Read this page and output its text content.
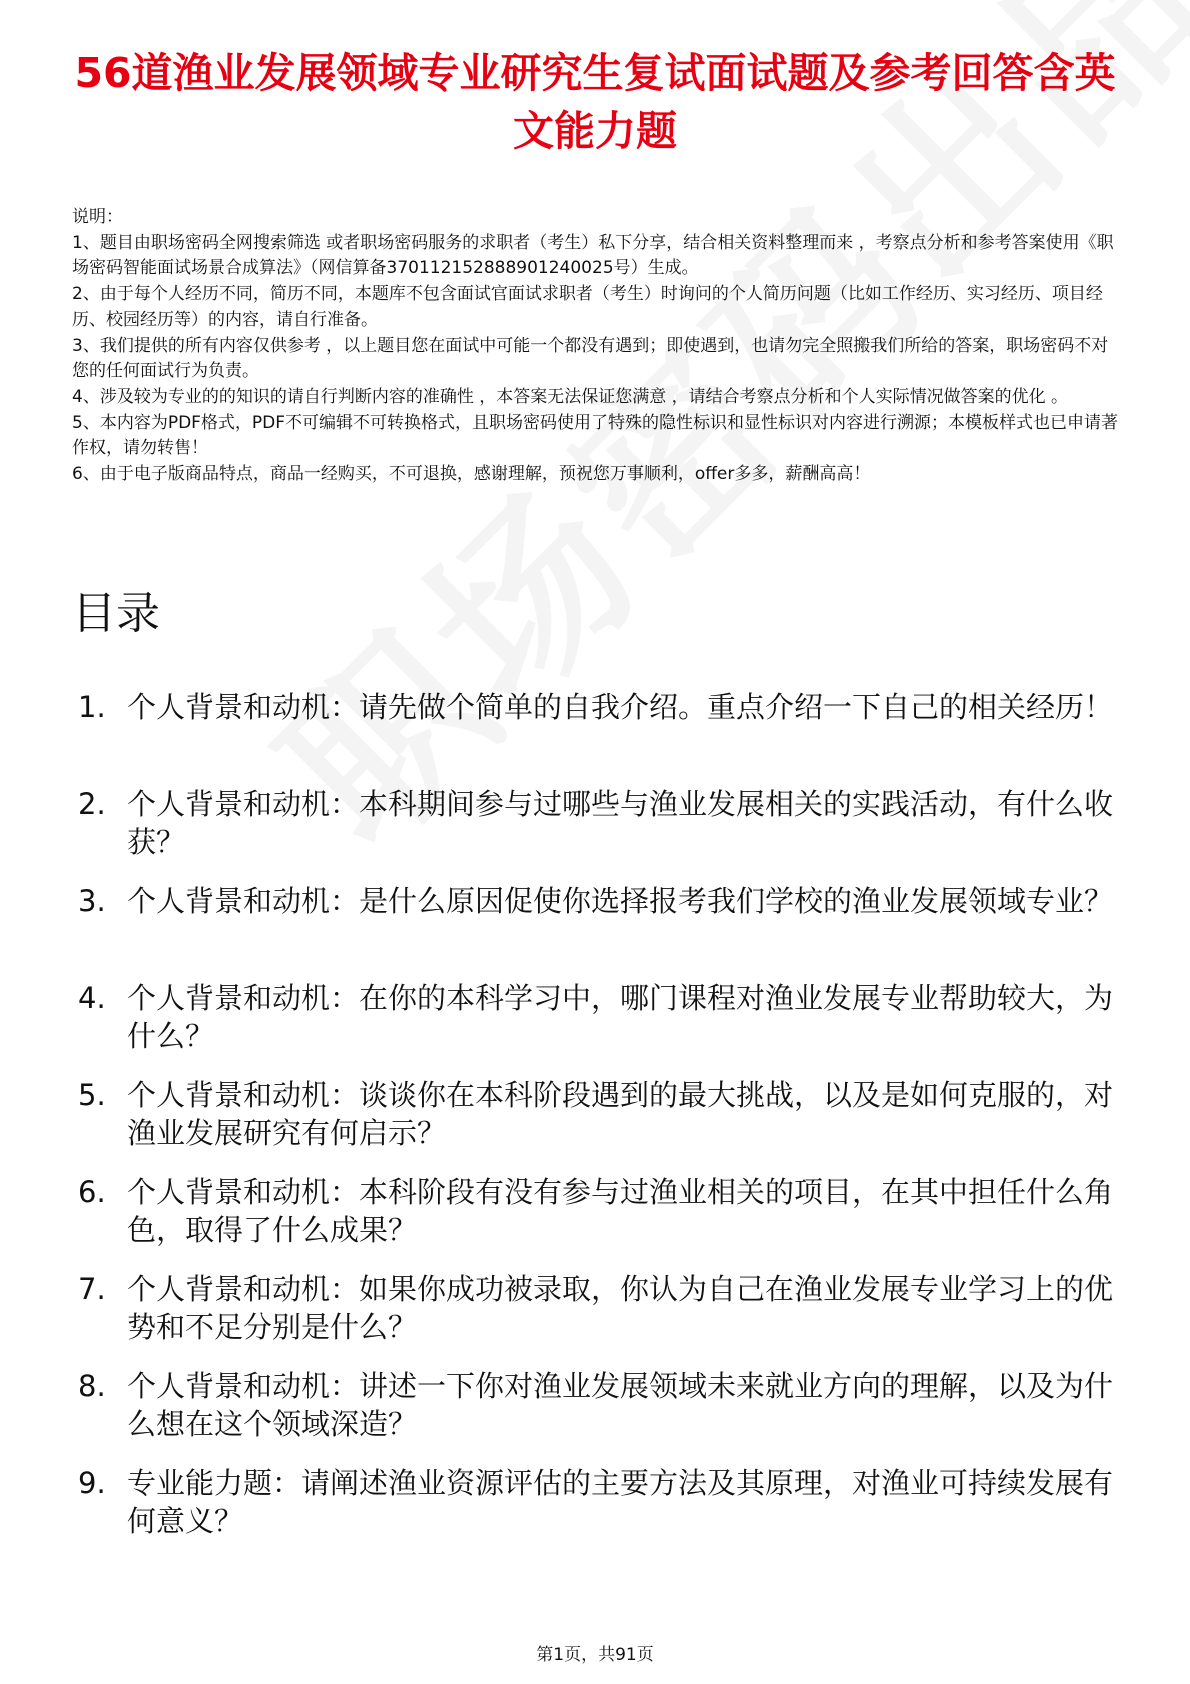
56道渔业发展领域专业研究生复试面试题及参考回答含英文能力题

说明：

1、题目由职场密码全网搜索筛选 或者职场密码服务的求职者（考生）私下分享，结合相关资料整理而来 ，考察点分析和参考答案使用《职场密码智能面试场景合成算法》（网信算备370112152888901240025号）生成。

2、由于每个人经历不同，简历不同，本题库不包含面试官面试求职者（考生）时询问的个人简历问题（比如工作经历、实习经历、项目经历、校园经历等）的内容，请自行准备。

3、我们提供的所有内容仅供参考 ，以上题目您在面试中可能一个都没有遇到；即使遇到，也请勿完全照搬我们所给的答案，职场密码不对您的任何面试行为负责。

4、涉及较为专业的的知识的请自行判断内容的准确性 ，本答案无法保证您满意 ，请结合考察点分析和个人实际情况做答案的优化 。

5、本内容为PDF格式，PDF不可编辑不可转换格式，且职场密码使用了特殊的隐性标识和显性标识对内容进行溯源；本模板样式也已申请著作权，请勿转售！

6、由于电子版商品特点，商品一经购买，不可退换，感谢理解，预祝您万事顺利，offer多多，薪酬高高！

目录
1. 个人背景和动机：请先做个简单的自我介绍。重点介绍一下自己的相关经历！
2. 个人背景和动机：本科期间参与过哪些与渔业发展相关的实践活动，有什么收获？
3. 个人背景和动机：是什么原因促使你选择报考我们学校的渔业发展领域专业？
4. 个人背景和动机：在你的本科学习中，哪门课程对渔业发展专业帮助较大，为什么？
5. 个人背景和动机：谈谈你在本科阶段遇到的最大挑战，以及是如何克服的，对渔业发展研究有何启示？
6. 个人背景和动机：本科阶段有没有参与过渔业相关的项目，在其中担任什么角色，取得了什么成果？
7. 个人背景和动机：如果你成功被录取，你认为自己在渔业发展专业学习上的优势和不足分别是什么？
8. 个人背景和动机：讲述一下你对渔业发展领域未来就业方向的理解，以及为什么想在这个领域深造？
9. 专业能力题：请阐述渔业资源评估的主要方法及其原理，对渔业可持续发展有何意义？
第1页，共91页
